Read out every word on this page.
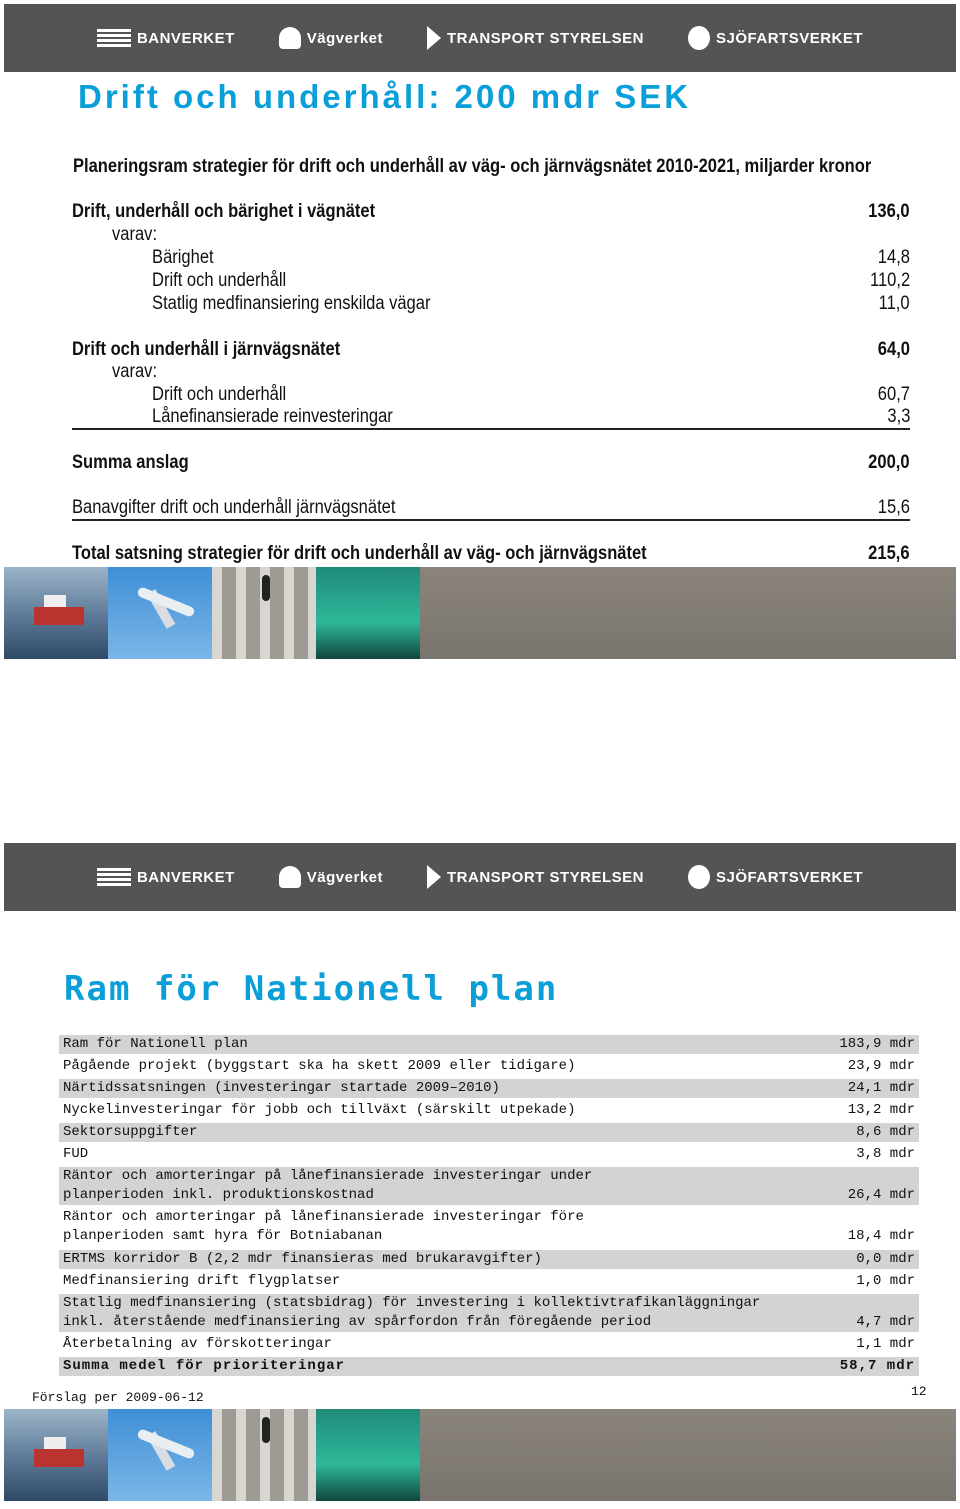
BANVERKET	Vägverket	TRANSPORT STYRELSEN	SJÖFARTSVERKET
Drift och underhåll: 200 mdr SEK
Planeringsram strategier för drift och underhåll av väg- och järnvägsnätet 2010-2021, miljarder kronor
Drift, underhåll och bärighet i vägnätet	136,0
varav:
Bärighet	14,8
Drift och underhåll	110,2
Statlig medfinansiering enskilda vägar	11,0
Drift och underhåll i järnvägsnätet	64,0
varav:
Drift och underhåll	60,7
Lånefinansierade reinvesteringar	3,3
Summa anslag	200,0
Banavgifter drift och underhåll järnvägsnätet	15,6
Total satsning strategier för drift och underhåll av väg- och järnvägsnätet	215,6
BANVERKET	Vägverket	TRANSPORT STYRELSEN	SJÖFARTSVERKET
Ram för Nationell plan
Ram för Nationell plan	183,9 mdr
Pågående projekt (byggstart ska ha skett 2009 eller tidigare)	23,9 mdr
Närtidssatsningen (investeringar startade 2009–2010)	24,1 mdr
Nyckelinvesteringar för jobb och tillväxt (särskilt utpekade)	13,2 mdr
Sektorsuppgifter	8,6 mdr
FUD	3,8 mdr
Räntor och amorteringar på lånefinansierade investeringar under
planperioden inkl. produktionskostnad	26,4 mdr
Räntor och amorteringar på lånefinansierade investeringar före
planperioden samt hyra för Botniabanan	18,4 mdr
ERTMS korridor B (2,2 mdr finansieras med brukaravgifter)	0,0 mdr
Medfinansiering drift flygplatser	1,0 mdr
Statlig medfinansiering (statsbidrag) för investering i kollektivtrafikanläggningar
inkl. återstående medfinansiering av spårfordon från föregående period	4,7 mdr
Återbetalning av förskotteringar	1,1 mdr
Summa medel för prioriteringar	58,7 mdr
Förslag per 2009-06-12	12
